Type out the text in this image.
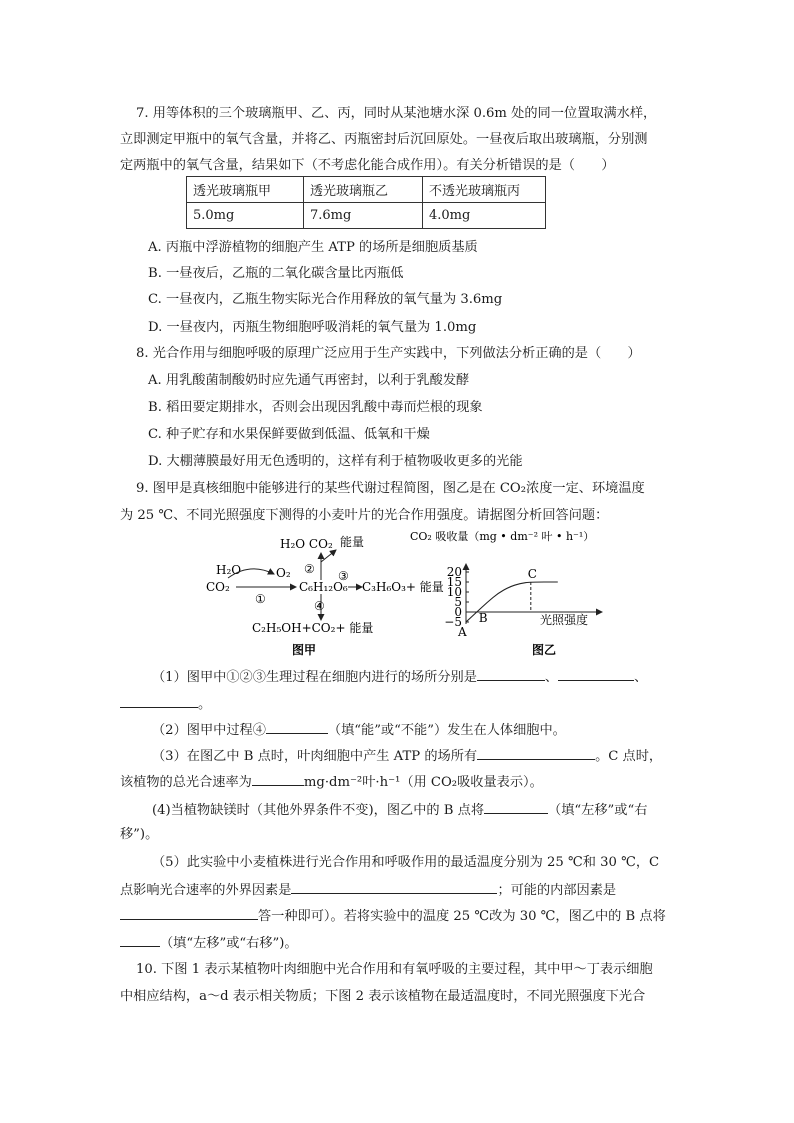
7. 用等体积的三个玻璃瓶甲、乙、丙，同时从某池塘水深 0.6m 处的同一位置取满水样，
立即测定甲瓶中的氧气含量，并将乙、丙瓶密封后沉回原处。一昼夜后取出玻璃瓶，分别测
定两瓶中的氧气含量，结果如下（不考虑化能合成作用）。有关分析错误的是（　　）
透光玻璃瓶甲	透光玻璃瓶乙	不透光玻璃瓶丙
5.0mg	7.6mg	4.0mg
A. 丙瓶中浮游植物的细胞产生 ATP 的场所是细胞质基质
B. 一昼夜后，乙瓶的二氧化碳含量比丙瓶低
C. 一昼夜内，乙瓶生物实际光合作用释放的氧气量为 3.6mg
D. 一昼夜内，丙瓶生物细胞呼吸消耗的氧气量为 1.0mg
8. 光合作用与细胞呼吸的原理广泛应用于生产实践中，下列做法分析正确的是（　　）
A. 用乳酸菌制酸奶时应先通气再密封，以利于乳酸发酵
B. 稻田要定期排水，否则会出现因乳酸中毒而烂根的现象
C. 种子贮存和水果保鲜要做到低温、低氧和干燥
D. 大棚薄膜最好用无色透明的，这样有利于植物吸收更多的光能
9. 图甲是真核细胞中能够进行的某些代谢过程简图，图乙是在 CO₂浓度一定、环境温度
为 25 ℃、不同光照强度下测得的小麦叶片的光合作用强度。请据图分析回答问题：
H₂O
CO₂
O₂
①
C₆H₁₂O₆
H₂O CO₂ 能量
② ③
C₃H₆O₃+ 能量
④
C₂H₅OH+CO₂+ 能量
图甲
CO₂ 吸收量（mg • dm⁻² 叶 • h⁻¹）
−5
0
5
10
15
20
A
B
C
光照强度
图乙
（1）图甲中①②③生理过程在细胞内进行的场所分别是	、	、
。
（2）图甲中过程④	（填“能”或“不能”）发生在人体细胞中。
（3）在图乙中 B 点时，叶肉细胞中产生 ATP 的场所有	。C 点时，
该植物的总光合速率为	mg·dm⁻²叶·h⁻¹（用 CO₂吸收量表示）。
(4)当植物缺镁时（其他外界条件不变)，图乙中的 B 点将	（填“左移”或“右
移”)。
（5）此实验中小麦植株进行光合作用和呼吸作用的最适温度分别为 25 ℃和 30 ℃，C
点影响光合速率的外界因素是	；可能的内部因素是
答一种即可）。若将实验中的温度 25 ℃改为 30 ℃，图乙中的 B 点将
（填“左移”或“右移”)。
10. 下图 1 表示某植物叶肉细胞中光合作用和有氧呼吸的主要过程，其中甲～丁表示细胞
中相应结构，a～d 表示相关物质；下图 2 表示该植物在最适温度时，不同光照强度下光合
